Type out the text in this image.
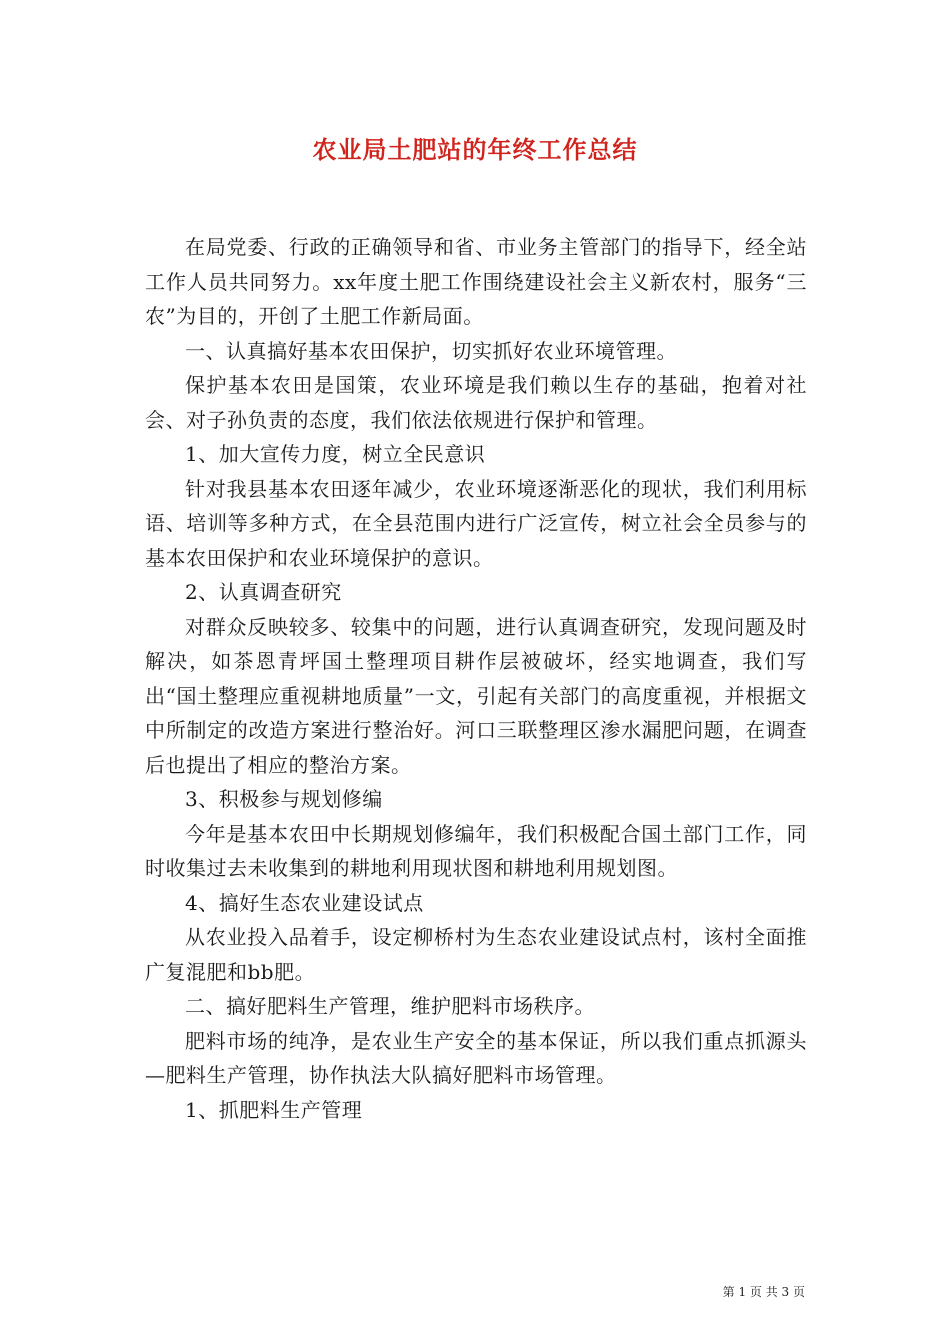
农业局土肥站的年终工作总结

在局党委、行政的正确领导和省、市业务主管部门的指导下，经全站工作人员共同努力。xx年度土肥工作围绕建设社会主义新农村，服务“三农”为目的，开创了土肥工作新局面。

一、认真搞好基本农田保护，切实抓好农业环境管理。

保护基本农田是国策，农业环境是我们赖以生存的基础，抱着对社会、对子孙负责的态度，我们依法依规进行保护和管理。

1、加大宣传力度，树立全民意识

针对我县基本农田逐年减少，农业环境逐渐恶化的现状，我们利用标语、培训等多种方式，在全县范围内进行广泛宣传，树立社会全员参与的基本农田保护和农业环境保护的意识。

2、认真调查研究

对群众反映较多、较集中的问题，进行认真调查研究，发现问题及时解决，如茶恩青坪国土整理项目耕作层被破坏，经实地调查，我们写出“国土整理应重视耕地质量”一文，引起有关部门的高度重视，并根据文中所制定的改造方案进行整治好。河口三联整理区渗水漏肥问题，在调查后也提出了相应的整治方案。

3、积极参与规划修编

今年是基本农田中长期规划修编年，我们积极配合国土部门工作，同时收集过去未收集到的耕地利用现状图和耕地利用规划图。

4、搞好生态农业建设试点

从农业投入品着手，设定柳桥村为生态农业建设试点村，该村全面推广复混肥和bb肥。

二、搞好肥料生产管理，维护肥料市场秩序。

肥料市场的纯净，是农业生产安全的基本保证，所以我们重点抓源头—肥料生产管理，协作执法大队搞好肥料市场管理。

1、抓肥料生产管理

第 1 页 共 3 页
